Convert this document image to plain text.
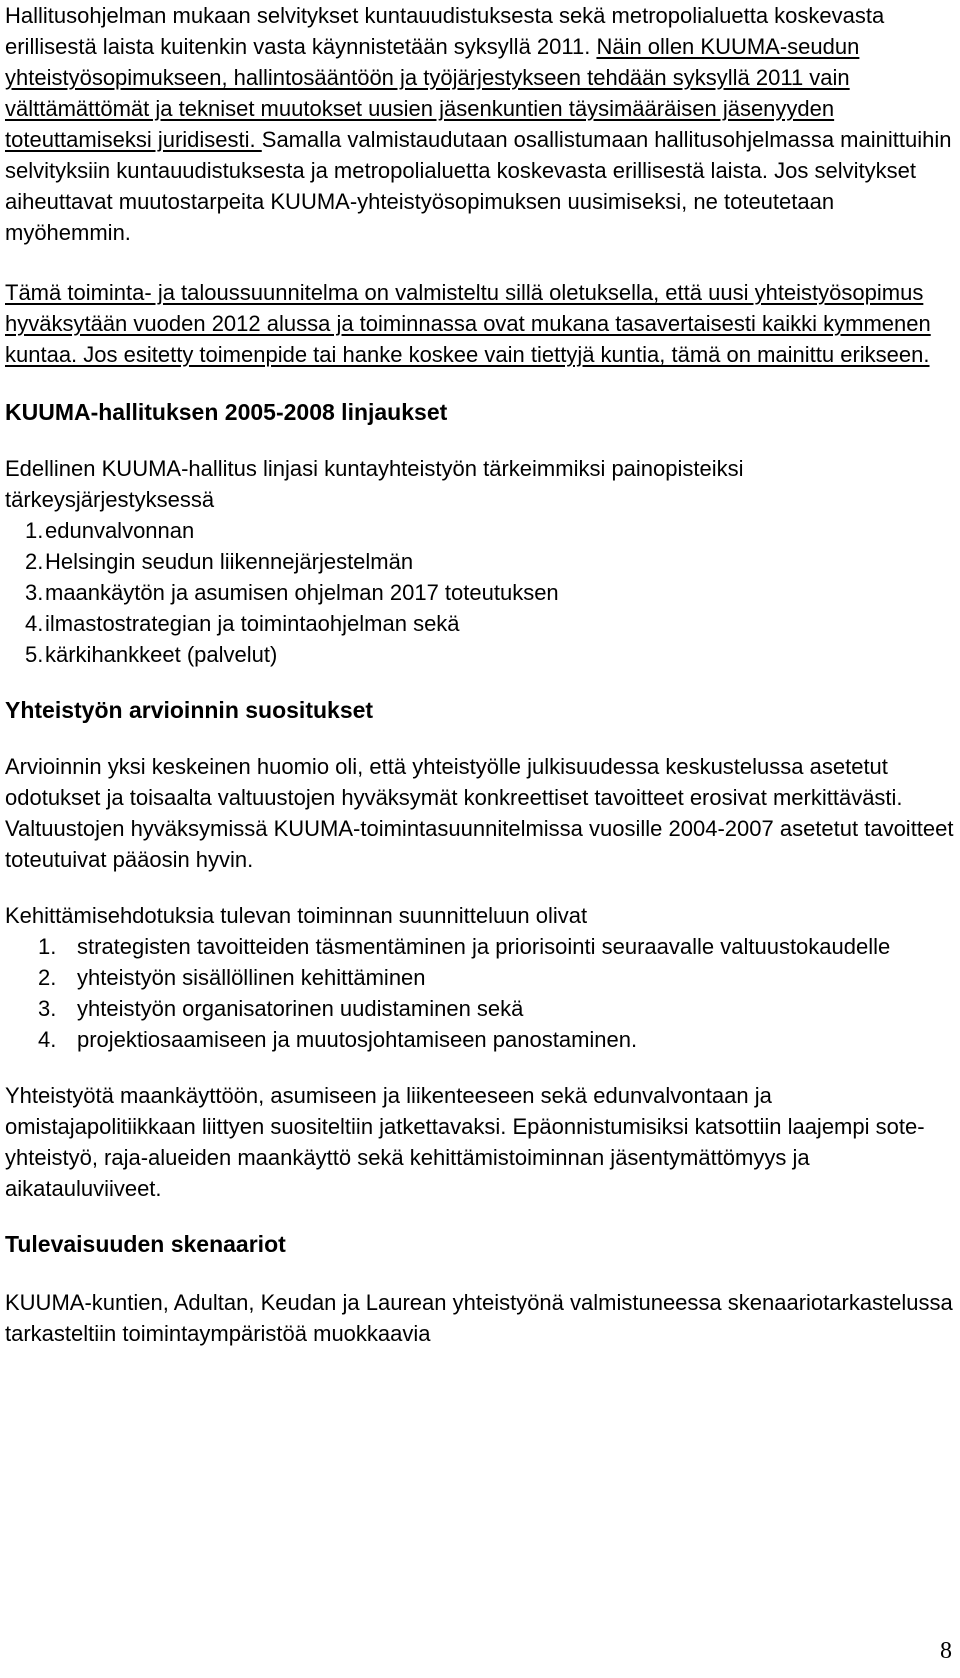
Hallitusohjelman mukaan selvitykset kuntauudistuksesta sekä metropolialuetta koskevasta erillisestä laista kuitenkin vasta käynnistetään syksyllä 2011. Näin ollen KUUMA-seudun yhteistyösopimukseen, hallintosääntöön ja työjärjestykseen tehdään syksyllä 2011 vain välttämättömät ja tekniset muutokset uusien jäsenkuntien täysimääräisen jäsenyyden toteuttamiseksi juridisesti. Samalla valmistaudutaan osallistumaan hallitusohjelmassa mainittuihin selvityksiin kuntauudistuksesta ja metropolialuetta koskevasta erillisestä laista. Jos selvitykset aiheuttavat muutostarpeita KUUMA-yhteistyösopimuksen uusimiseksi, ne toteutetaan myöhemmin.

Tämä toiminta- ja taloussuunnitelma on valmisteltu sillä oletuksella, että uusi yhteistyösopimus hyväksytään vuoden 2012 alussa ja toiminnassa ovat mukana tasavertaisesti kaikki kymmenen kuntaa. Jos esitetty toimenpide tai hanke koskee vain tiettyjä kuntia, tämä on mainittu erikseen.

KUUMA-hallituksen 2005-2008 linjaukset

Edellinen KUUMA-hallitus linjasi kuntayhteistyön tärkeimmiksi painopisteiksi tärkeysjärjestyksessä

1. edunvalvonnan
2. Helsingin seudun liikennejärjestelmän
3. maankäytön ja asumisen ohjelman 2017 toteutuksen
4. ilmastostrategian ja toimintaohjelman sekä
5. kärkihankkeet (palvelut)
Yhteistyön arvioinnin suositukset

Arvioinnin yksi keskeinen huomio oli, että yhteistyölle julkisuudessa keskustelussa asetetut odotukset ja toisaalta valtuustojen hyväksymät konkreettiset tavoitteet erosivat merkittävästi. Valtuustojen hyväksymissä KUUMA-toimintasuunnitelmissa vuosille 2004-2007 asetetut tavoitteet toteutuivat pääosin hyvin.

Kehittämisehdotuksia tulevan toiminnan suunnitteluun olivat

1. strategisten tavoitteiden täsmentäminen ja priorisointi seuraavalle valtuustokaudelle
2. yhteistyön sisällöllinen kehittäminen
3. yhteistyön organisatorinen uudistaminen sekä
4. projektiosaamiseen ja muutosjohtamiseen panostaminen.

Yhteistyötä maankäyttöön, asumiseen ja liikenteeseen sekä edunvalvontaan ja omistajapolitiikkaan liittyen suositeltiin jatkettavaksi. Epäonnistumisiksi katsottiin laajempi sote-yhteistyö, raja-alueiden maankäyttö sekä kehittämistoiminnan jäsentymättömyys ja aikatauluviiveet.

Tulevaisuuden skenaariot

KUUMA-kuntien, Adultan, Keudan ja Laurean yhteistyönä valmistuneessa skenaariotarkastelussa tarkasteltiin toimintaympäristöä muokkaavia

8
